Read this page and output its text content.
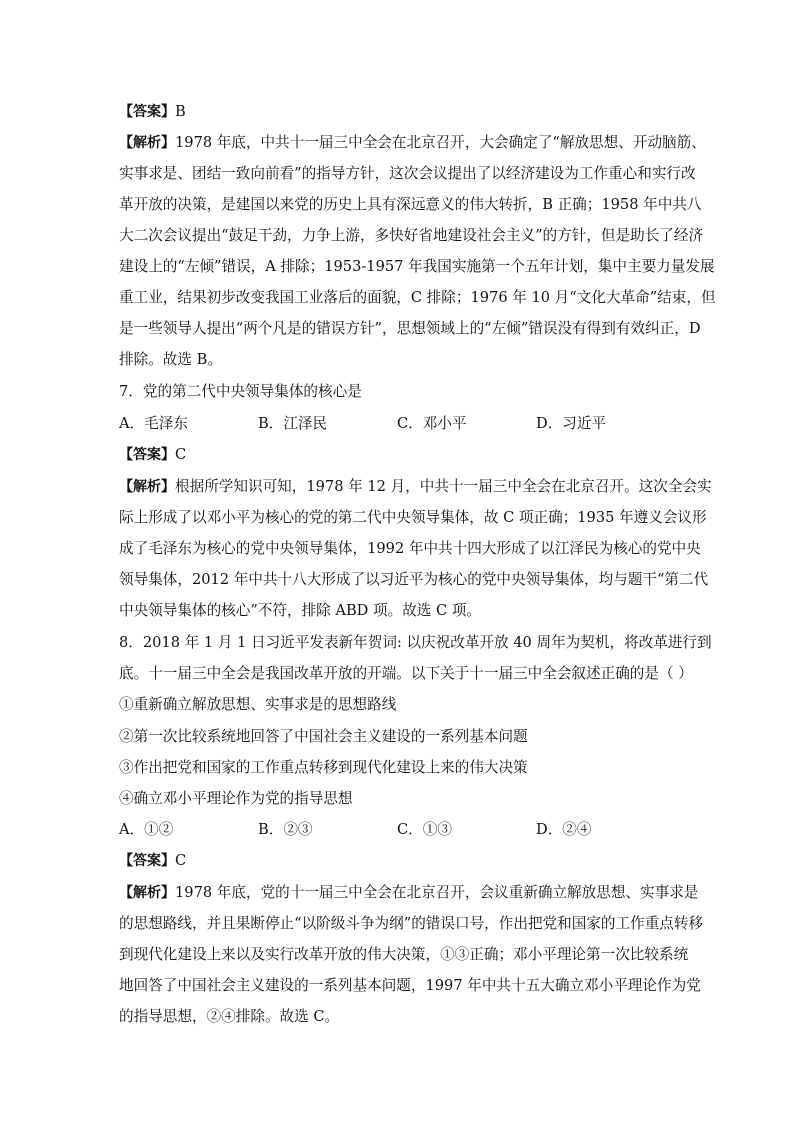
【答案】B
【解析】1978 年底，中共十一届三中全会在北京召开，大会确定了“解放思想、开动脑筋、
实事求是、团结一致向前看”的指导方针，这次会议提出了以经济建设为工作重心和实行改
革开放的决策，是建国以来党的历史上具有深远意义的伟大转折，B 正确；1958 年中共八
大二次会议提出“鼓足干劲，力争上游，多快好省地建设社会主义”的方针，但是助长了经济
建设上的“左倾”错误，A 排除；1953-1957 年我国实施第一个五年计划，集中主要力量发展
重工业，结果初步改变我国工业落后的面貌，C 排除；1976 年 10 月“文化大革命”结束，但
是一些领导人提出“两个凡是的错误方针”，思想领域上的“左倾”错误没有得到有效纠正，D
排除。故选 B。
7．党的第二代中央领导集体的核心是
A．毛泽东	B．江泽民	C．邓小平	D．习近平
【答案】C
【解析】根据所学知识可知，1978 年 12 月，中共十一届三中全会在北京召开。这次全会实
际上形成了以邓小平为核心的党的第二代中央领导集体，故 C 项正确；1935 年遵义会议形
成了毛泽东为核心的党中央领导集体，1992 年中共十四大形成了以江泽民为核心的党中央
领导集体，2012 年中共十八大形成了以习近平为核心的党中央领导集体，均与题干“第二代
中央领导集体的核心”不符，排除 ABD 项。故选 C 项。
8．2018 年 1 月 1 日习近平发表新年贺词: 以庆祝改革开放 40 周年为契机，将改革进行到
底。十一届三中全会是我国改革开放的开端。以下关于十一届三中全会叙述正确的是（ ）
①重新确立解放思想、实事求是的思想路线
②第一次比较系统地回答了中国社会主义建设的一系列基本问题
③作出把党和国家的工作重点转移到现代化建设上来的伟大决策
④确立邓小平理论作为党的指导思想
A．①②	B．②③	C．①③	D．②④
【答案】C
【解析】1978 年底，党的十一届三中全会在北京召开，会议重新确立解放思想、实事求是
的思想路线，并且果断停止“以阶级斗争为纲”的错误口号，作出把党和国家的工作重点转移
到现代化建设上来以及实行改革开放的伟大决策，①③正确；邓小平理论第一次比较系统
地回答了中国社会主义建设的一系列基本问题，1997 年中共十五大确立邓小平理论作为党
的指导思想，②④排除。故选 C。
